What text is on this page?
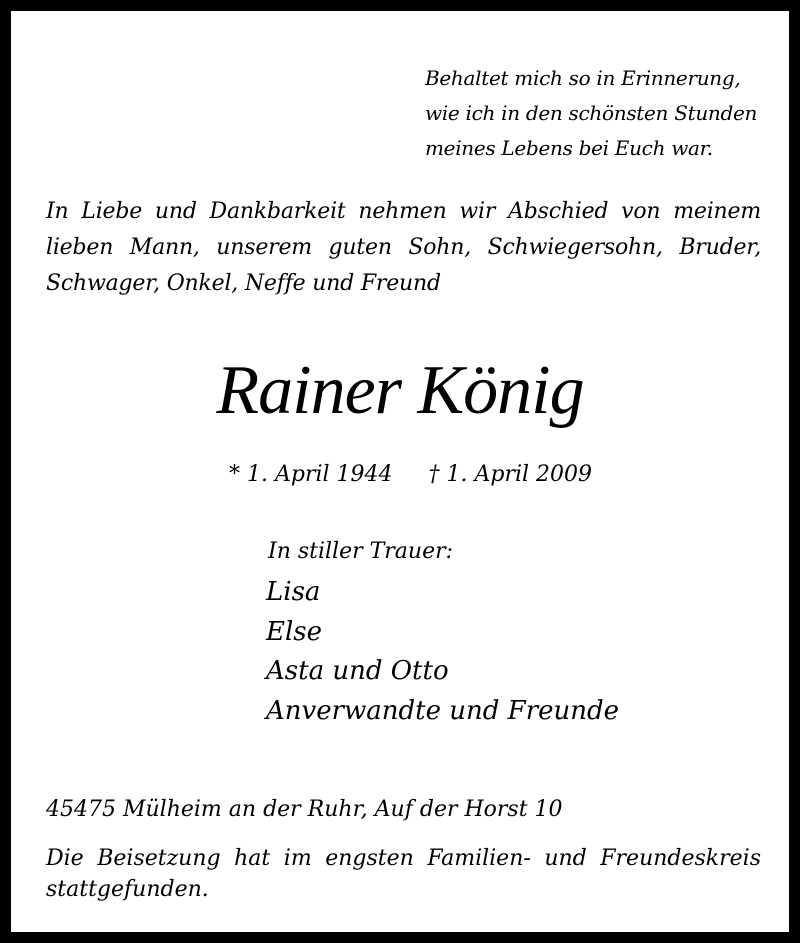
Behaltet mich so in Erinnerung,
wie ich in den schönsten Stunden
meines Lebens bei Euch war.
In Liebe und Dankbarkeit nehmen wir Abschied von meinem
lieben Mann, unserem guten Sohn, Schwiegersohn, Bruder,
Schwager, Onkel, Neffe und Freund
Rainer König
* 1. April 1944 † 1. April 2009
In stiller Trauer:
Lisa
Else
Asta und Otto
Anverwandte und Freunde
45475 Mülheim an der Ruhr, Auf der Horst 10
Die Beisetzung hat im engsten Familien- und Freundeskreis
stattgefunden.
